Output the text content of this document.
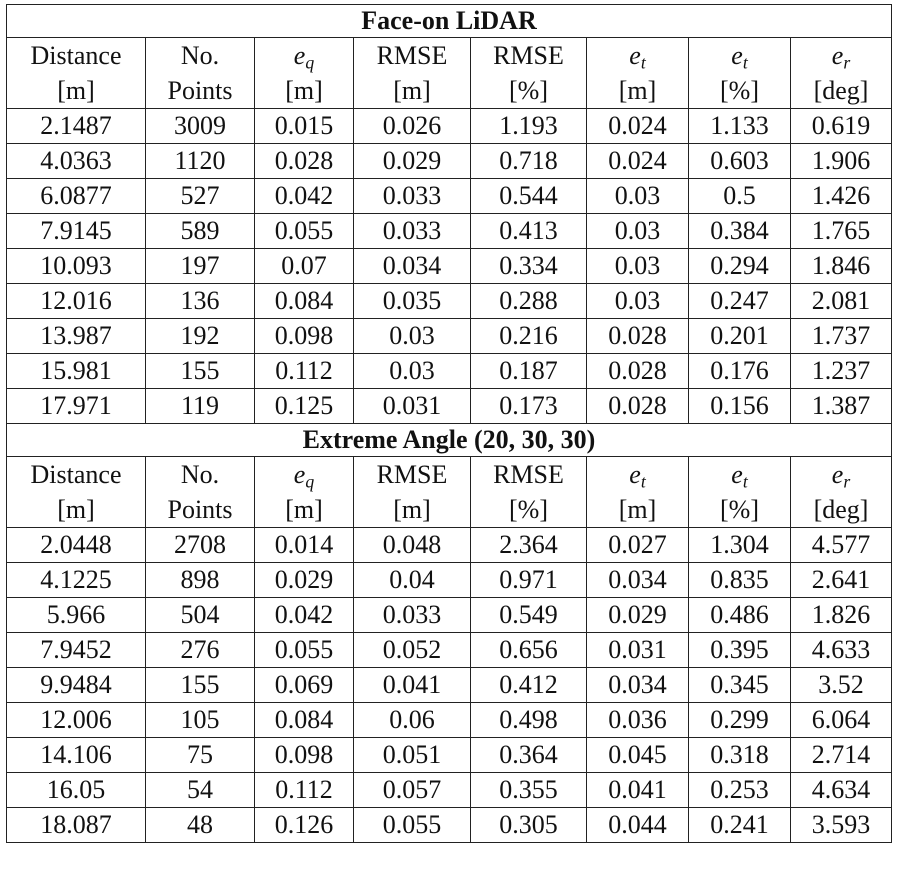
Face-on LiDAR							
Distance	No.	$e_q$	RMSE	RMSE	$e_t$	$e_t$	$e_r$
[m]	Points	[m]	[m]	[%]	[m]	[%]	[deg]
2.1487	3009	0.015	0.026	1.193	0.024	1.133	0.619
4.0363	1120	0.028	0.029	0.718	0.024	0.603	1.906
6.0877	527	0.042	0.033	0.544	0.03	0.5	1.426
7.9145	589	0.055	0.033	0.413	0.03	0.384	1.765
10.093	197	0.07	0.034	0.334	0.03	0.294	1.846
12.016	136	0.084	0.035	0.288	0.03	0.247	2.081
13.987	192	0.098	0.03	0.216	0.028	0.201	1.737
15.981	155	0.112	0.03	0.187	0.028	0.176	1.237
17.971	119	0.125	0.031	0.173	0.028	0.156	1.387
Extreme Angle (20, 30, 30)							
Distance	No.	$e_q$	RMSE	RMSE	$e_t$	$e_t$	$e_r$
[m]	Points	[m]	[m]	[%]	[m]	[%]	[deg]
2.0448	2708	0.014	0.048	2.364	0.027	1.304	4.577
4.1225	898	0.029	0.04	0.971	0.034	0.835	2.641
5.966	504	0.042	0.033	0.549	0.029	0.486	1.826
7.9452	276	0.055	0.052	0.656	0.031	0.395	4.633
9.9484	155	0.069	0.041	0.412	0.034	0.345	3.52
12.006	105	0.084	0.06	0.498	0.036	0.299	6.064
14.106	75	0.098	0.051	0.364	0.045	0.318	2.714
16.05	54	0.112	0.057	0.355	0.041	0.253	4.634
18.087	48	0.126	0.055	0.305	0.044	0.241	3.593
